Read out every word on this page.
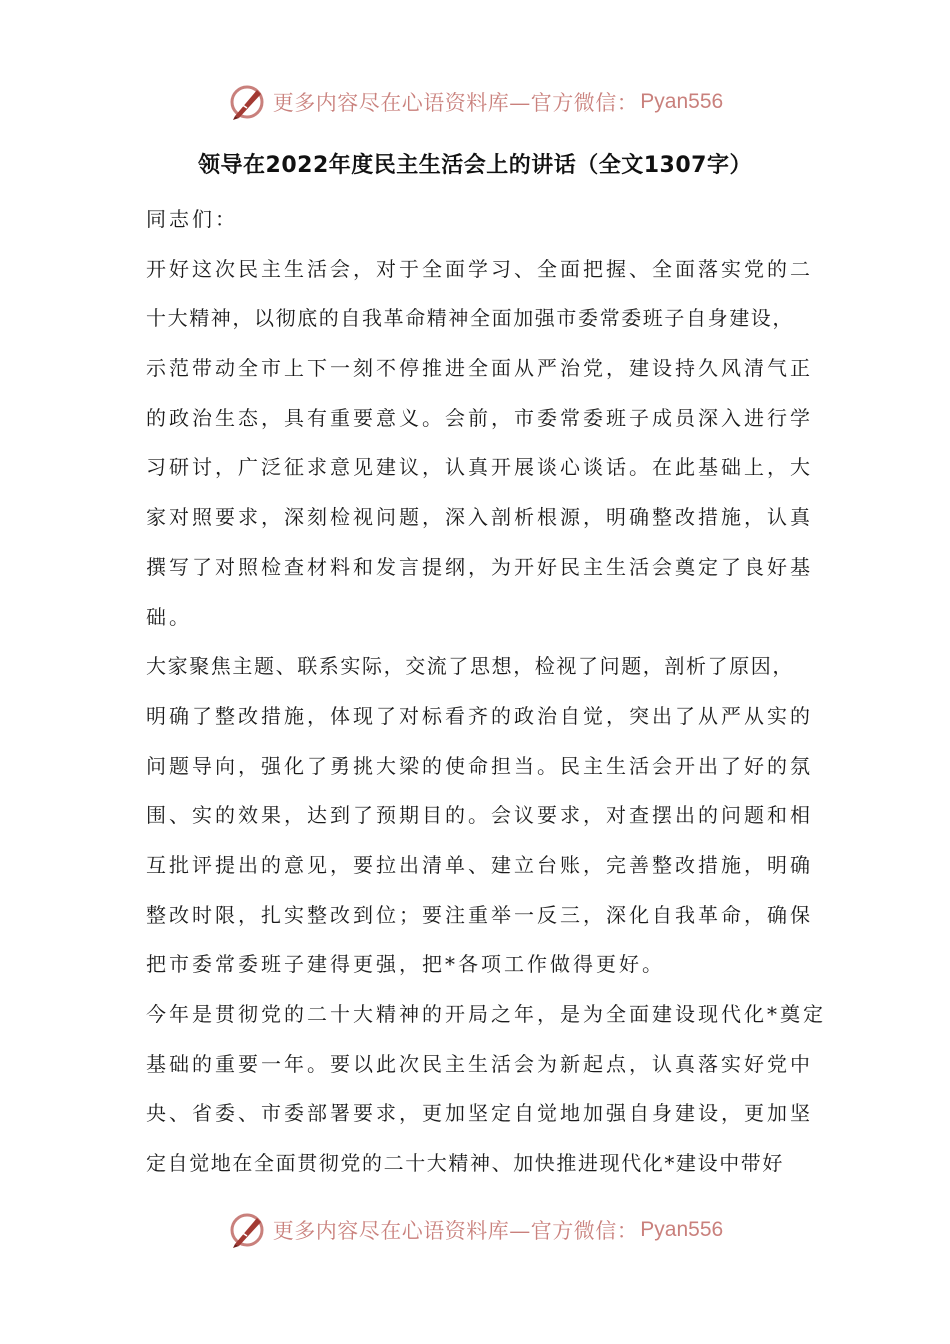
更多内容尽在心语资料库—官方微信： Pyan556
领导在2022年度民主生活会上的讲话（全文1307字）
同志们：
开好这次民主生活会，对于全面学习、全面把握、全面落实党的二
十大精神，以彻底的自我革命精神全面加强市委常委班子自身建设，
示范带动全市上下一刻不停推进全面从严治党，建设持久风清气正
的政治生态，具有重要意义。会前，市委常委班子成员深入进行学
习研讨，广泛征求意见建议，认真开展谈心谈话。在此基础上，大
家对照要求，深刻检视问题，深入剖析根源，明确整改措施，认真
撰写了对照检查材料和发言提纲，为开好民主生活会奠定了良好基
础。
大家聚焦主题、联系实际，交流了思想，检视了问题，剖析了原因，
明确了整改措施，体现了对标看齐的政治自觉，突出了从严从实的
问题导向，强化了勇挑大梁的使命担当。民主生活会开出了好的氛
围、实的效果，达到了预期目的。会议要求，对查摆出的问题和相
互批评提出的意见，要拉出清单、建立台账，完善整改措施，明确
整改时限，扎实整改到位；要注重举一反三，深化自我革命，确保
把市委常委班子建得更强，把*各项工作做得更好。
今年是贯彻党的二十大精神的开局之年，是为全面建设现代化*奠定
基础的重要一年。要以此次民主生活会为新起点，认真落实好党中
央、省委、市委部署要求，更加坚定自觉地加强自身建设，更加坚
定自觉地在全面贯彻党的二十大精神、加快推进现代化*建设中带好
更多内容尽在心语资料库—官方微信： Pyan556
